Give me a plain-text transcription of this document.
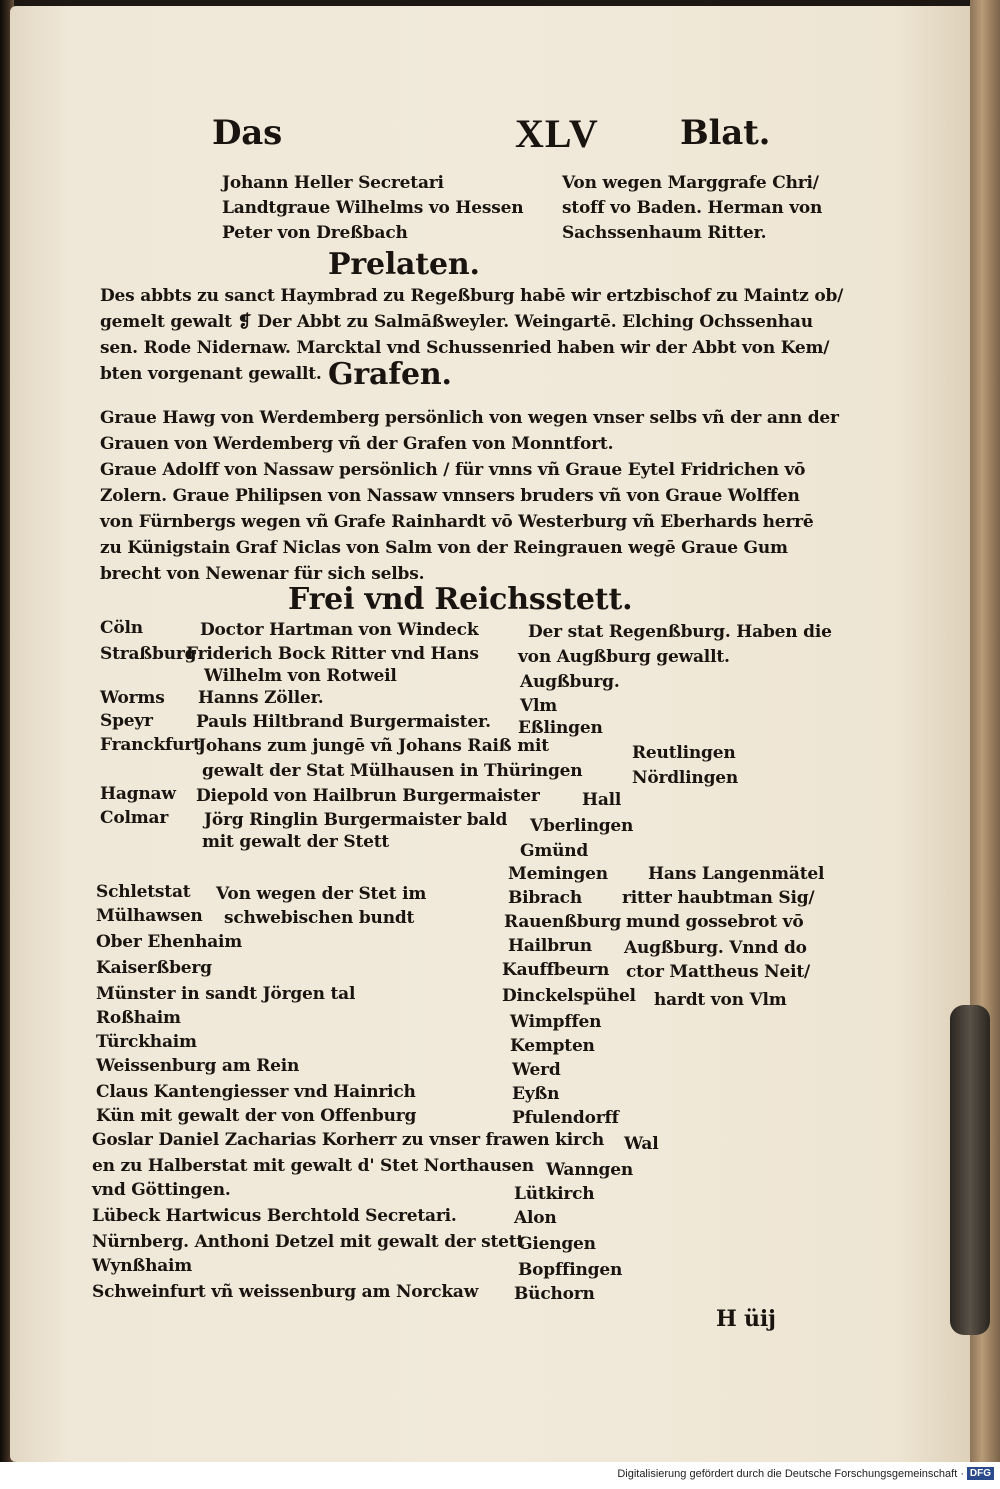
Das	XLV Blat.
Johann Heller Secretari
Landtgraue Wilhelms vo Hessen
Peter von Dreßbach
Von wegen Marggrafe Chri/
stoff vo Baden. Herman von
Sachssenhaum Ritter.
Prelaten.
Des abbts zu sanct Haymbrad zu Regeßburg habē wir ertzbischof zu Maintz ob/
gemelt gewalt ❡ Der Abbt zu Salmāßweyler. Weingartē. Elching Ochssenhau
sen. Rode Nidernaw. Marcktal vnd Schussenried haben wir der Abbt von Kem/
bten vorgenant gewallt. Grafen.
Graue Hawg von Werdemberg persönlich von wegen vnser selbs vñ der ann der
Grauen von Werdemberg vñ der Grafen von Monntfort.
Graue Adolff von Nassaw persönlich / für vnns vñ Graue Eytel Fridrichen vō
Zolern. Graue Philipsen von Nassaw vnnsers bruders vñ von Graue Wolffen
von Fürnbergs wegen vñ Grafe Rainhardt vō Westerburg vñ Eberhards herrē
zu Künigstain Graf Niclas von Salm von der Reingrauen wegē Graue Gum
brecht von Newenar für sich selbs.
Frei vnd Reichsstett.
Cöln
Straßburg
Worms
Speyr
Franckfurt
Hagnaw
Colmar
Doctor Hartman von Windeck
Friderich Bock Ritter vnd Hans
Wilhelm von Rotweil
Hanns Zöller.
Pauls Hiltbrand Burgermaister.
Johans zum jungē vñ Johans Raiß mit
gewalt der Stat Mülhausen in Thüringen
Diepold von Hailbrun Burgermaister
Jörg Ringlin Burgermaister bald
mit gewalt der Stett
Der stat Regenßburg. Haben die
von Augßburg gewallt.
Augßburg.
Vlm
Eßlingen
Reutlingen
Nördlingen
Hall
Vberlingen
Gmünd
Schletstat
Mülhawsen
Ober Ehenhaim
Kaiserßberg
Münster in sandt Jörgen tal
Roßhaim
Türckhaim
Weissenburg am Rein
Claus Kantengiesser vnd Hainrich
Kün mit gewalt der von Offenburg
Von wegen der Stet im
schwebischen bundt
Memingen
Bibrach
Rauenßburg
Hailbrun
Kauffbeurn
Dinckelspühel
Wimpffen
Kempten
Werd
Eyßn
Pfulendorff
Hans Langenmätel
ritter haubtman Sig/
mund gossebrot vō
Augßburg. Vnnd do
ctor Mattheus Neit/
hardt von Vlm
Goslar Daniel Zacharias Korherr zu vnser frawen kirch
en zu Halberstat mit gewalt d' Stet Northausen
vnd Göttingen.
Lübeck Hartwicus Berchtold Secretari.
Nürnberg. Anthoni Detzel mit gewalt der stett
Wynßhaim
Schweinfurt vñ weissenburg am Norckaw
Wal
Wanngen
Lütkirch
Alon
Giengen
Bopffingen
Büchorn
H üij
Digitalisierung gefördert durch die Deutsche Forschungsgemeinschaft · DFG
